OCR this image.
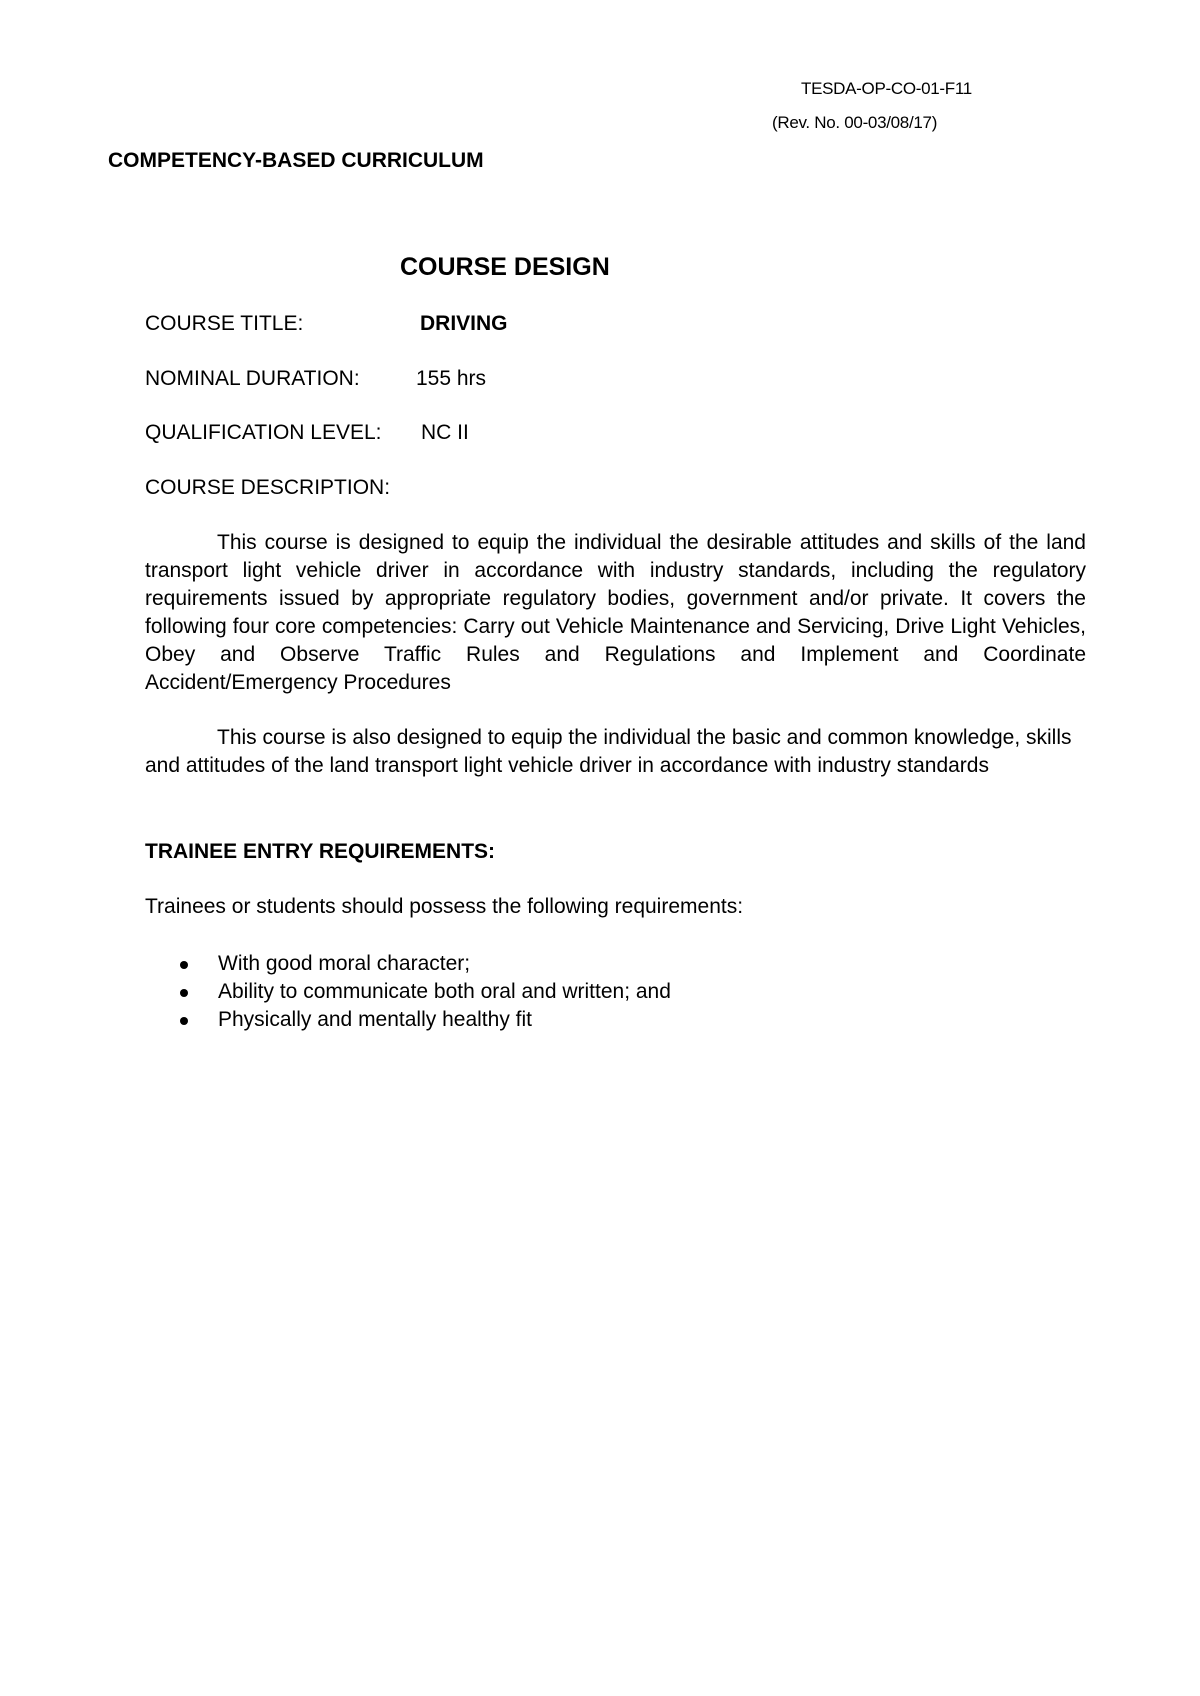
TESDA-OP-CO-01-F11
(Rev. No. 00-03/08/17)
COMPETENCY-BASED CURRICULUM
COURSE DESIGN
COURSE TITLE:	DRIVING
NOMINAL DURATION:	155 hrs
QUALIFICATION LEVEL: NC II
COURSE DESCRIPTION:

This course is designed to equip the individual the desirable attitudes and skills of the land transport light vehicle driver in accordance with industry standards, including the regulatory requirements issued by appropriate regulatory bodies, government and/or private. It covers the following four core competencies: Carry out Vehicle Maintenance and Servicing, Drive Light Vehicles, Obey and Observe Traffic Rules and Regulations and Implement and Coordinate Accident/Emergency Procedures

This course is also designed to equip the individual the basic and common knowledge, skills and attitudes of the land transport light vehicle driver in accordance with industry standards

TRAINEE ENTRY REQUIREMENTS:
Trainees or students should possess the following requirements:
With good moral character;
Ability to communicate both oral and written; and
Physically and mentally healthy fit
